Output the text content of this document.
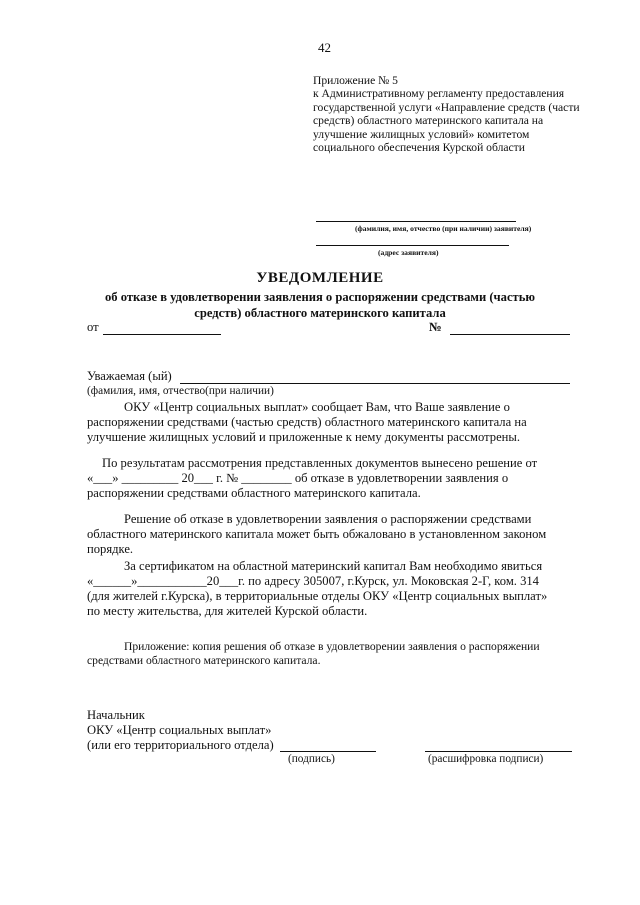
42
Приложение № 5
к Административному регламенту предоставления
государственной услуги «Направление средств (части
средств) областного материнского капитала на
улучшение жилищных условий» комитетом
социального обеспечения Курской области
(фамилия, имя, отчество (при наличии) заявителя)
(адрес заявителя)
УВЕДОМЛЕНИЕ
об отказе в удовлетворении заявления о распоряжении средствами (частью
средств) областного материнского капитала
от	№
Уважаемая (ый)
(фамилия, имя, отчество(при наличии)
ОКУ «Центр социальных выплат» сообщает Вам, что Ваше заявление о
распоряжении средствами (частью средств) областного материнского капитала на
улучшение жилищных условий и приложенные к нему документы рассмотрены.
По результатам рассмотрения представленных документов вынесено решение от
«___» _________ 20___ г. № ________ об отказе в удовлетворении заявления о
распоряжении средствами областного материнского капитала.
Решение об отказе в удовлетворении заявления о распоряжении средствами
областного материнского капитала может быть обжаловано в установленном законом
порядке.
За сертификатом на областной материнский капитал Вам необходимо явиться
«______»___________20___г. по адресу 305007, г.Курск, ул. Моковская 2-Г, ком. 314
(для жителей г.Курска), в территориальные отделы ОКУ «Центр социальных выплат»
по месту жительства, для жителей Курской области.
Приложение: копия решения об отказе в удовлетворении заявления о распоряжении
средствами областного материнского капитала.
Начальник
ОКУ «Центр социальных выплат»
(или его территориального отдела)
(подпись)	(расшифровка подписи)
